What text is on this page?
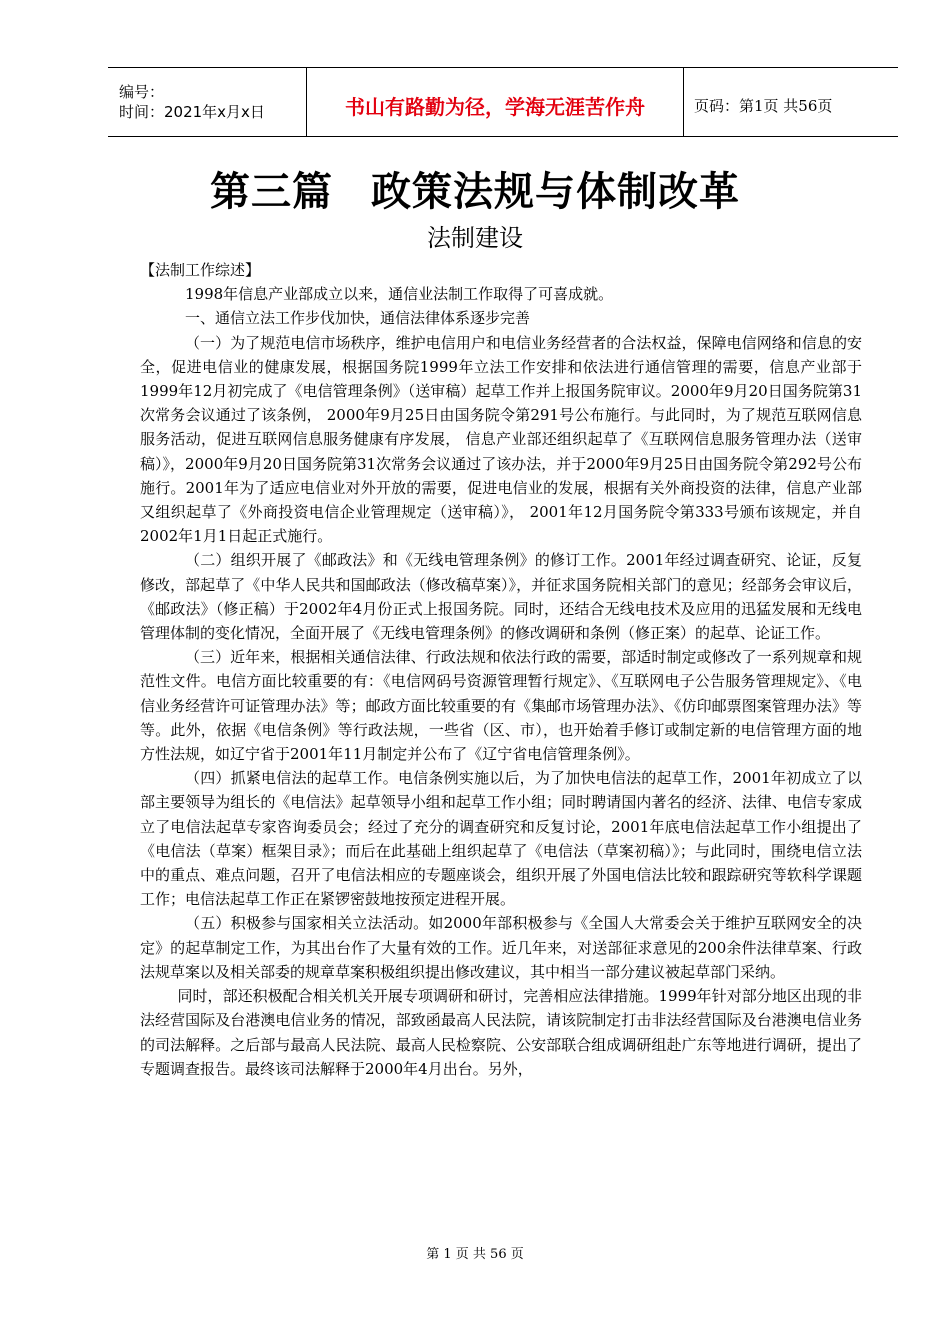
编号：
时间：2021年x月x日	书山有路勤为径，学海无涯苦作舟	页码：第1页 共56页
第三篇 政策法规与体制改革
法制建设

【法制工作综述】

1998年信息产业部成立以来，通信业法制工作取得了可喜成就。

一、通信立法工作步伐加快，通信法律体系逐步完善

（一）为了规范电信市场秩序，维护电信用户和电信业务经营者的合法权益，保障电信网络和信息的安全，促进电信业的健康发展，根据国务院1999年立法工作安排和依法进行通信管理的需要，信息产业部于1999年12月初完成了《电信管理条例》（送审稿）起草工作并上报国务院审议。2000年9月20日国务院第31次常务会议通过了该条例， 2000年9月25日由国务院令第291号公布施行。与此同时，为了规范互联网信息服务活动，促进互联网信息服务健康有序发展， 信息产业部还组织起草了《互联网信息服务管理办法（送审稿）》，2000年9月20日国务院第31次常务会议通过了该办法，并于2000年9月25日由国务院令第292号公布施行。2001年为了适应电信业对外开放的需要，促进电信业的发展，根据有关外商投资的法律，信息产业部又组织起草了《外商投资电信企业管理规定（送审稿）》， 2001年12月国务院令第333号颁布该规定，并自2002年1月1日起正式施行。

（二）组织开展了《邮政法》和《无线电管理条例》的修订工作。2001年经过调查研究、论证，反复修改，部起草了《中华人民共和国邮政法（修改稿草案）》，并征求国务院相关部门的意见；经部务会审议后，《邮政法》（修正稿）于2002年4月份正式上报国务院。同时，还结合无线电技术及应用的迅猛发展和无线电管理体制的变化情况，全面开展了《无线电管理条例》的修改调研和条例（修正案）的起草、论证工作。

（三）近年来，根据相关通信法律、行政法规和依法行政的需要，部适时制定或修改了一系列规章和规范性文件。电信方面比较重要的有：《电信网码号资源管理暂行规定》、《互联网电子公告服务管理规定》、《电信业务经营许可证管理办法》等；邮政方面比较重要的有《集邮市场管理办法》、《仿印邮票图案管理办法》等等。此外，依据《电信条例》等行政法规，一些省（区、市），也开始着手修订或制定新的电信管理方面的地方性法规，如辽宁省于2001年11月制定并公布了《辽宁省电信管理条例》。

（四）抓紧电信法的起草工作。电信条例实施以后，为了加快电信法的起草工作，2001年初成立了以部主要领导为组长的《电信法》起草领导小组和起草工作小组；同时聘请国内著名的经济、法律、电信专家成立了电信法起草专家咨询委员会；经过了充分的调查研究和反复讨论，2001年底电信法起草工作小组提出了《电信法（草案）框架目录》；而后在此基础上组织起草了《电信法（草案初稿）》；与此同时，围绕电信立法中的重点、难点问题，召开了电信法相应的专题座谈会，组织开展了外国电信法比较和跟踪研究等软科学课题工作；电信法起草工作正在紧锣密鼓地按预定进程开展。

（五）积极参与国家相关立法活动。如2000年部积极参与《全国人大常委会关于维护互联网安全的决定》的起草制定工作，为其出台作了大量有效的工作。近几年来，对送部征求意见的200余件法律草案、行政法规草案以及相关部委的规章草案积极组织提出修改建议，其中相当一部分建议被起草部门采纳。

同时，部还积极配合相关机关开展专项调研和研讨，完善相应法律措施。1999年针对部分地区出现的非法经营国际及台港澳电信业务的情况，部致函最高人民法院，请该院制定打击非法经营国际及台港澳电信业务的司法解释。之后部与最高人民法院、最高人民检察院、公安部联合组成调研组赴广东等地进行调研，提出了专题调查报告。最终该司法解释于2000年4月出台。另外，

第 1 页 共 56 页
